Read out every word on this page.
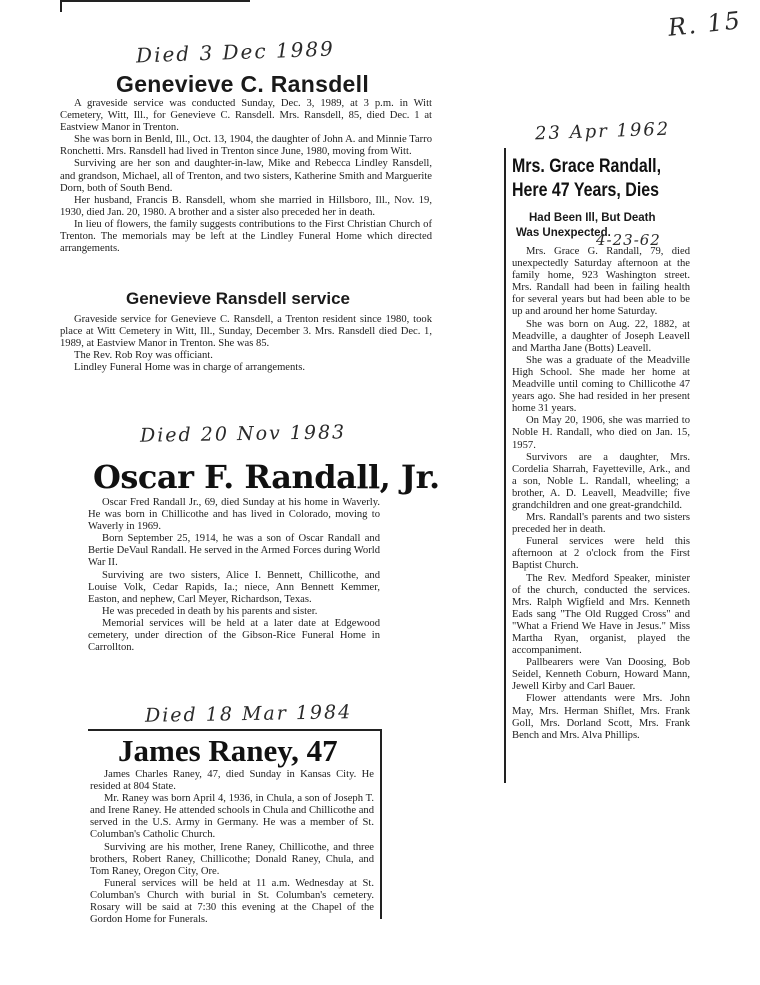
R. 15
Died 3 Dec 1989
Genevieve C. Ransdell

A graveside service was conducted Sunday, Dec. 3, 1989, at 3 p.m. in Witt Cemetery, Witt, Ill., for Genevieve C. Ransdell. Mrs. Ransdell, 85, died Dec. 1 at Eastview Manor in Trenton.

She was born in Benld, Ill., Oct. 13, 1904, the daughter of John A. and Minnie Tarro Ronchetti. Mrs. Ransdell had lived in Trenton since June, 1980, moving from Witt.

Surviving are her son and daughter-in-law, Mike and Rebecca Lindley Ransdell, and grandson, Michael, all of Trenton, and two sisters, Katherine Smith and Marguerite Dorn, both of South Bend.

Her husband, Francis B. Ransdell, whom she married in Hillsboro, Ill., Nov. 19, 1930, died Jan. 20, 1980. A brother and a sister also preceded her in death.

In lieu of flowers, the family suggests contributions to the First Christian Church of Trenton. The memorials may be left at the Lindley Funeral Home which directed arrangements.

Genevieve Ransdell service

Graveside service for Genevieve C. Ransdell, a Trenton resident since 1980, took place at Witt Cemetery in Witt, Ill., Sunday, December 3. Mrs. Ransdell died Dec. 1, 1989, at Eastview Manor in Trenton. She was 85.

The Rev. Rob Roy was officiant.

Lindley Funeral Home was in charge of arrangements.

Died 20 Nov 1983
Oscar F. Randall, Jr.

Oscar Fred Randall Jr., 69, died Sunday at his home in Waverly. He was born in Chillicothe and has lived in Colorado, moving to Waverly in 1969.

Born September 25, 1914, he was a son of Oscar Randall and Bertie DeVaul Randall. He served in the Armed Forces during World War II.

Surviving are two sisters, Alice I. Bennett, Chillicothe, and Louise Volk, Cedar Rapids, Ia.; niece, Ann Bennett Kemmer, Easton, and nephew, Carl Meyer, Richardson, Texas.

He was preceded in death by his parents and sister.

Memorial services will be held at a later date at Edgewood cemetery, under direction of the Gibson-Rice Funeral Home in Carrollton.

Died 18 Mar 1984
James Raney, 47

James Charles Raney, 47, died Sunday in Kansas City. He resided at 804 State.

Mr. Raney was born April 4, 1936, in Chula, a son of Joseph T. and Irene Raney. He attended schools in Chula and Chillicothe and served in the U.S. Army in Germany. He was a member of St. Columban's Catholic Church.

Surviving are his mother, Irene Raney, Chillicothe, and three brothers, Robert Raney, Chillicothe; Donald Raney, Chula, and Tom Raney, Oregon City, Ore.

Funeral services will be held at 11 a.m. Wednesday at St. Columban's Church with burial in St. Columban's cemetery. Rosary will be said at 7:30 this evening at the Chapel of the Gordon Home for Funerals.

23 Apr 1962
Mrs. Grace Randall,
Here 47 Years, Dies
Had Been Ill, But Death
Was Unexpected.
4-23-62

Mrs. Grace G. Randall, 79, died unexpectedly Saturday afternoon at the family home, 923 Washington street. Mrs. Randall had been in failing health for several years but had been able to be up and around her home Saturday.

She was born on Aug. 22, 1882, at Meadville, a daughter of Joseph Leavell and Martha Jane (Botts) Leavell.

She was a graduate of the Meadville High School. She made her home at Meadville until coming to Chillicothe 47 years ago. She had resided in her present home 31 years.

On May 20, 1906, she was married to Noble H. Randall, who died on Jan. 15, 1957.

Survivors are a daughter, Mrs. Cordelia Sharrah, Fayetteville, Ark., and a son, Noble L. Randall, wheeling; a brother, A. D. Leavell, Meadville; five grandchildren and one great-grandchild.

Mrs. Randall's parents and two sisters preceded her in death.

Funeral services were held this afternoon at 2 o'clock from the First Baptist Church.

The Rev. Medford Speaker, minister of the church, conducted the services. Mrs. Ralph Wigfield and Mrs. Kenneth Eads sang "The Old Rugged Cross" and "What a Friend We Have in Jesus." Miss Martha Ryan, organist, played the accompaniment.

Pallbearers were Van Doosing, Bob Seidel, Kenneth Coburn, Howard Mann, Jewell Kirby and Carl Bauer.

Flower attendants were Mrs. John May, Mrs. Herman Shiflet, Mrs. Frank Goll, Mrs. Dorland Scott, Mrs. Frank Bench and Mrs. Alva Phillips.
